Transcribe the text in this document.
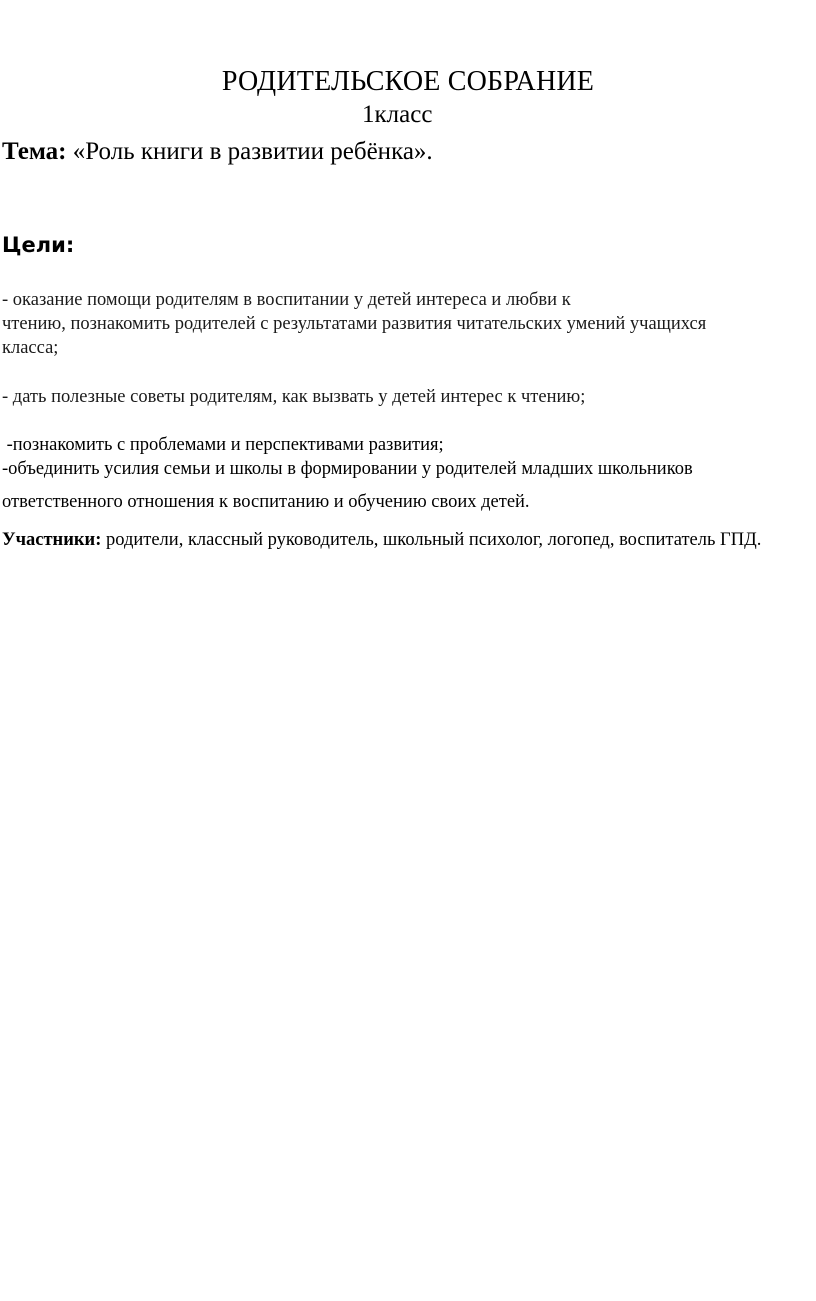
РОДИТЕЛЬСКОЕ СОБРАНИЕ
1класс
Тема: «Роль книги в развитии ребёнка».
Цели:
- оказание помощи родителям в воспитании у детей интереса и любви к
чтению, познакомить родителей с результатами развития читательских умений учащихся
класса;
- дать полезные советы родителям, как вызвать у детей интерес к чтению;
-познакомить с проблемами и перспективами развития;
-объединить усилия семьи и школы в формировании у родителей младших школьников
ответственного отношения к воспитанию и обучению своих детей.
Участники: родители, классный руководитель, школьный психолог, логопед, воспитатель ГПД.
